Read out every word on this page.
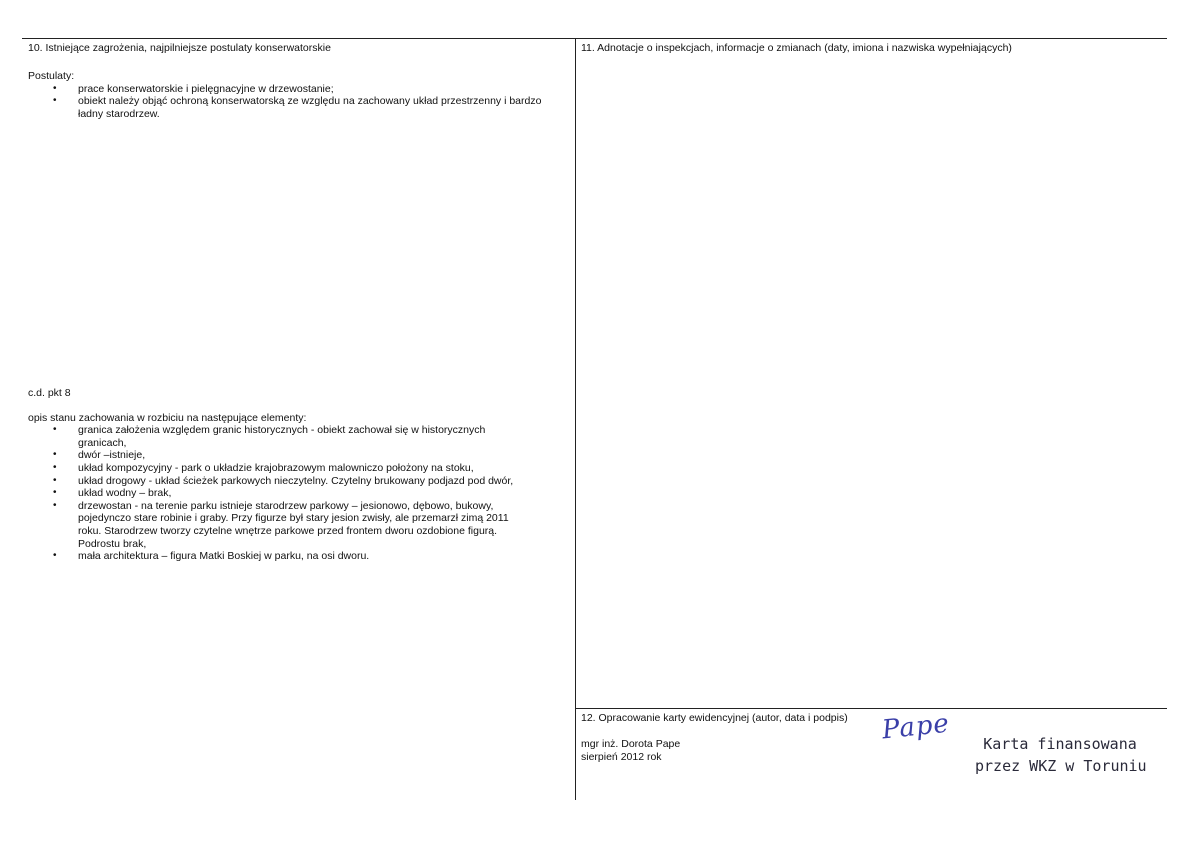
10. Istniejące zagrożenia, najpilniejsze postulaty konserwatorskie

Postulaty:

• prace konserwatorskie i pielęgnacyjne w drzewostanie;
• obiekt należy objąć ochroną konserwatorską ze względu na zachowany układ przestrzenny i bardzo ładny starodrzew.

c.d. pkt 8

opis stanu zachowania w rozbiciu na następujące elementy:

• granica założenia względem granic historycznych - obiekt zachował się w historycznych granicach,
• dwór –istnieje,
• układ kompozycyjny - park o układzie krajobrazowym malowniczo położony na stoku,
• układ drogowy - układ ścieżek parkowych nieczytelny. Czytelny brukowany podjazd pod dwór,
• układ wodny – brak,
• drzewostan - na terenie parku istnieje starodrzew parkowy – jesionowo, dębowo, bukowy, pojedynczo stare robinie i graby. Przy figurze był stary jesion zwisły, ale przemarzł zimą 2011 roku. Starodrzew tworzy czytelne wnętrze parkowe przed frontem dworu ozdobione figurą. Podrostu brak,
• mała architektura – figura Matki Boskiej w parku, na osi dworu.
11. Adnotacje o inspekcjach, informacje o zmianach (daty, imiona i nazwiska wypełniających)
12. Opracowanie karty ewidencyjnej (autor, data i podpis)

mgr inż. Dorota Pape

sierpień 2012 rok

Pape	Karta finansowana
przez WKZ w Toruniu
